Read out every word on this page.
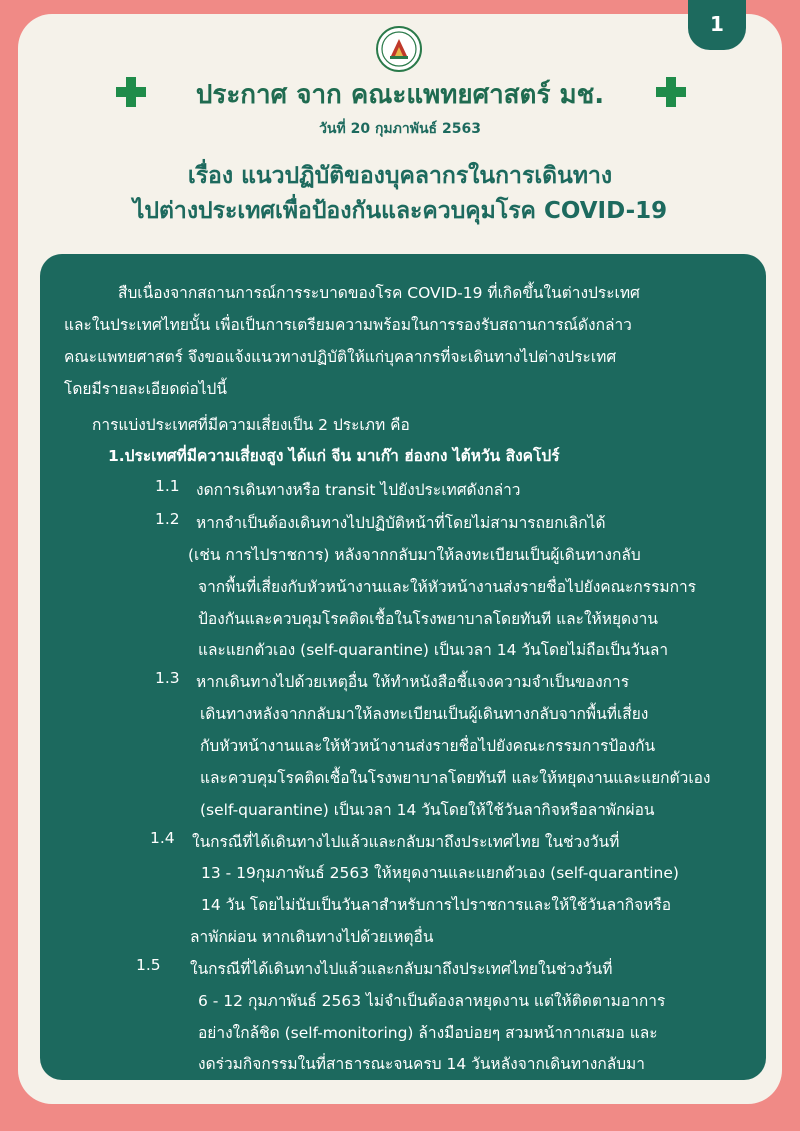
1
ประกาศ จาก คณะแพทยศาสตร์ มช.
วันที่ 20 กุมภาพันธ์ 2563
เรื่อง แนวปฏิบัติของบุคลากรในการเดินทาง
ไปต่างประเทศเพื่อป้องกันและควบคุมโรค COVID-19
สืบเนื่องจากสถานการณ์การระบาดของโรค COVID-19 ที่เกิดขึ้นในต่างประเทศ
และในประเทศไทยนั้น เพื่อเป็นการเตรียมความพร้อมในการรองรับสถานการณ์ดังกล่าว
คณะแพทยศาสตร์ จึงขอแจ้งแนวทางปฏิบัติให้แก่บุคลากรที่จะเดินทางไปต่างประเทศ
โดยมีรายละเอียดต่อไปนี้
การแบ่งประเทศที่มีความเสี่ยงเป็น 2 ประเภท คือ
1.ประเทศที่มีความเสี่ยงสูง ได้แก่ จีน มาเก๊า ฮ่องกง ไต้หวัน สิงคโปร์
1.1 งดการเดินทางหรือ transit ไปยังประเทศดังกล่าว
1.2 หากจำเป็นต้องเดินทางไปปฏิบัติหน้าที่โดยไม่สามารถยกเลิกได้
(เช่น การไปราชการ) หลังจากกลับมาให้ลงทะเบียนเป็นผู้เดินทางกลับ
จากพื้นที่เสี่ยงกับหัวหน้างานและให้หัวหน้างานส่งรายชื่อไปยังคณะกรรมการ
ป้องกันและควบคุมโรคติดเชื้อในโรงพยาบาลโดยทันที และให้หยุดงาน
และแยกตัวเอง (self-quarantine) เป็นเวลา 14 วันโดยไม่ถือเป็นวันลา
1.3 หากเดินทางไปด้วยเหตุอื่น ให้ทำหนังสือชี้แจงความจำเป็นของการ
เดินทางหลังจากกลับมาให้ลงทะเบียนเป็นผู้เดินทางกลับจากพื้นที่เสี่ยง
กับหัวหน้างานและให้หัวหน้างานส่งรายชื่อไปยังคณะกรรมการป้องกัน
และควบคุมโรคติดเชื้อในโรงพยาบาลโดยทันที และให้หยุดงานและแยกตัวเอง
(self-quarantine) เป็นเวลา 14 วันโดยให้ใช้วันลากิจหรือลาพักผ่อน
1.4 ในกรณีที่ได้เดินทางไปแล้วและกลับมาถึงประเทศไทย ในช่วงวันที่
13 - 19กุมภาพันธ์ 2563 ให้หยุดงานและแยกตัวเอง (self-quarantine)
14 วัน โดยไม่นับเป็นวันลาสำหรับการไปราชการและให้ใช้วันลากิจหรือ
ลาพักผ่อน หากเดินทางไปด้วยเหตุอื่น
1.5 ในกรณีที่ได้เดินทางไปแล้วและกลับมาถึงประเทศไทยในช่วงวันที่
6 - 12 กุมภาพันธ์ 2563 ไม่จำเป็นต้องลาหยุดงาน แต่ให้ติดตามอาการ
อย่างใกล้ชิด (self-monitoring) ล้างมือบ่อยๆ สวมหน้ากากเสมอ และ
งดร่วมกิจกรรมในที่สาธารณะจนครบ 14 วันหลังจากเดินทางกลับมา
